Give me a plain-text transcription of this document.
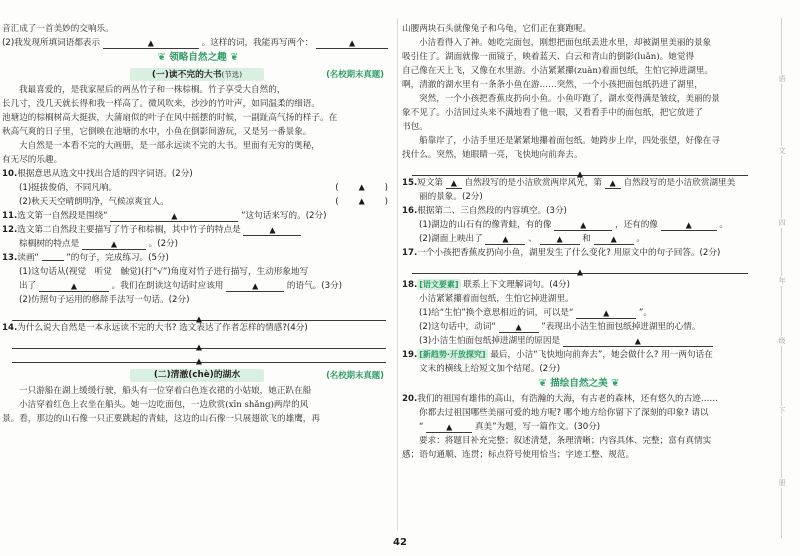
音汇成了一首美妙的交响乐。
(2)我发现所填词语都表示	▲	。这样的词，我能再写两个：	▲
❦ 领略自然之趣 ❦
(一)读不完的大书(节选)	(名校期末真题)
我最喜爱的，是我家屋后的两丛竹子和一株棕榈。竹子享受大自然的，
长几寸，没几天就长得和我一样高了。微风吹来，沙沙的竹叶声，如同温柔的细语。
池塘边的棕榈树高大挺拔，大蒲扇似的叶子在风中摇摆的时候，一副趾高气扬的样子。在
秋高气爽的日子里，它倒映在池塘的水中，小鱼在倒影间游玩，又是另一番景象。
大自然是一本看不完的大画册，是一部永远读不完的大书。里面有无穷的奥秘，
有无尽的乐趣。
10.根据意思从选文中找出合适的四字词语。(2分)
(1)挺拔俊俏，不同凡响。	( ▲ )
(2)秋天天空晴朗明净，气候凉爽宜人。	( ▲ )
11.选文第一自然段是围绕“	▲	”这句话来写的。(2分)
12.选文第二自然段主要描写了竹子和棕榈，其中竹子的特点是	▲
棕榈树的特点是	▲	。(2分)
13.读画“	”的句子，完成练习。(5分)
(1)这句话从(视觉　听觉　触觉)(打“√”)角度对竹子进行描写，生动形象地写
出了	▲	。我们在朗读这句话时应该用	▲	的语气。(3分)
(2)仿照句子运用的修辞手法写一句话。(2分)
▲
14.为什么说大自然是一本永远读不完的大书? 选文表达了作者怎样的情感?(4分)
▲
▲
(二)清澈(chè)的湖水	(名校期末真题)
一只游船在湖上缓缓行驶，船头有一位穿着白色连衣裙的小姑娘，她正趴在船
小洁穿着红色上衣坐在船头。她一边吃面包，一边欣赏(xīn shǎng)两岸的风
景。看，那边的山石像一只正要跳起的青蛙，这边的山石像一只展翅欲飞的雄鹰，再
山腰两块石头就像兔子和乌龟，它们正在赛跑呢。
小洁看得入了神。她吃完面包，刚想把面包纸丢进水里，却被湖里美丽的景象
吸引住了。湖面就像一面镜子，映着蓝天、白云和青山的倒影(luǎn)。她觉得
自己像在天上飞，又像在水里游。小洁紧紧攥(zuàn)着面包纸，生怕它掉进湖里。
啊，清澈的湖水里有一条条小鱼在游……突然，一个小孩把面包纸扔进了湖里，
突然，一个小孩把香蕉皮扔向小鱼。小鱼吓跑了，湖水变得满是皱纹，美丽的景
象不见了。小洁回过头来不满地看了他一眼，又看看手中的面包纸，把它放进了
书包。
船靠岸了，小洁手里还是紧紧地攥着面包纸。她跨步上岸，四处张望，好像在寻
找什么。突然，她眼睛一亮，飞快地向前奔去。
▲
15.短文第 ▲ 自然段写的是小洁欣赏两岸风光，第 ▲ 自然段写的是小洁欣赏湖里美
丽的景象。(2分)
16.根据第二、三自然段的内容填空。(3分)
(1)湖边的山石有的像青蛙，有的像	▲	，还有的像	▲	。
(2)湖面上映出了 ▲ 、 ▲ 和 ▲ 。
17.一个小孩把香蕉皮扔向小鱼，湖里发生了什么变化? 用原文中的句子回答。(2分)
▲
18. [语文要素] 联系上下文理解词句。(4分)
小洁紧紧攥着面包纸，生怕它掉进湖里。
(1)给“生怕”换个意思相近的词，可以是“	▲	”。
(2)这句话中，动词“ ▲ ”表现出小洁生怕面包纸掉进湖里的心情。
(3)小洁生怕面包纸掉进湖里的原因是	▲
19. [新趋势·开放探究] 最后，小洁“飞快地向前奔去”，她会做什么? 用一两句话在
文末的横线上给短文加个结尾。(2分)
❦ 描绘自然之美 ❦
20.我们的祖国有雄伟的高山，有浩瀚的大海，有古老的森林，还有悠久的古迹……
你都去过祖国哪些美丽可爱的地方呢? 哪个地方给你留下了深刻的印象? 请以
“	▲	真美”为题，写一篇作文。(30分)
要求：将题目补充完整；叙述清楚，条理清晰；内容具体、完整；富有真情实
感；语句通顺、连贯；标点符号使用恰当；字迹工整、规范。
语
文
四
年
级
下
册
42
